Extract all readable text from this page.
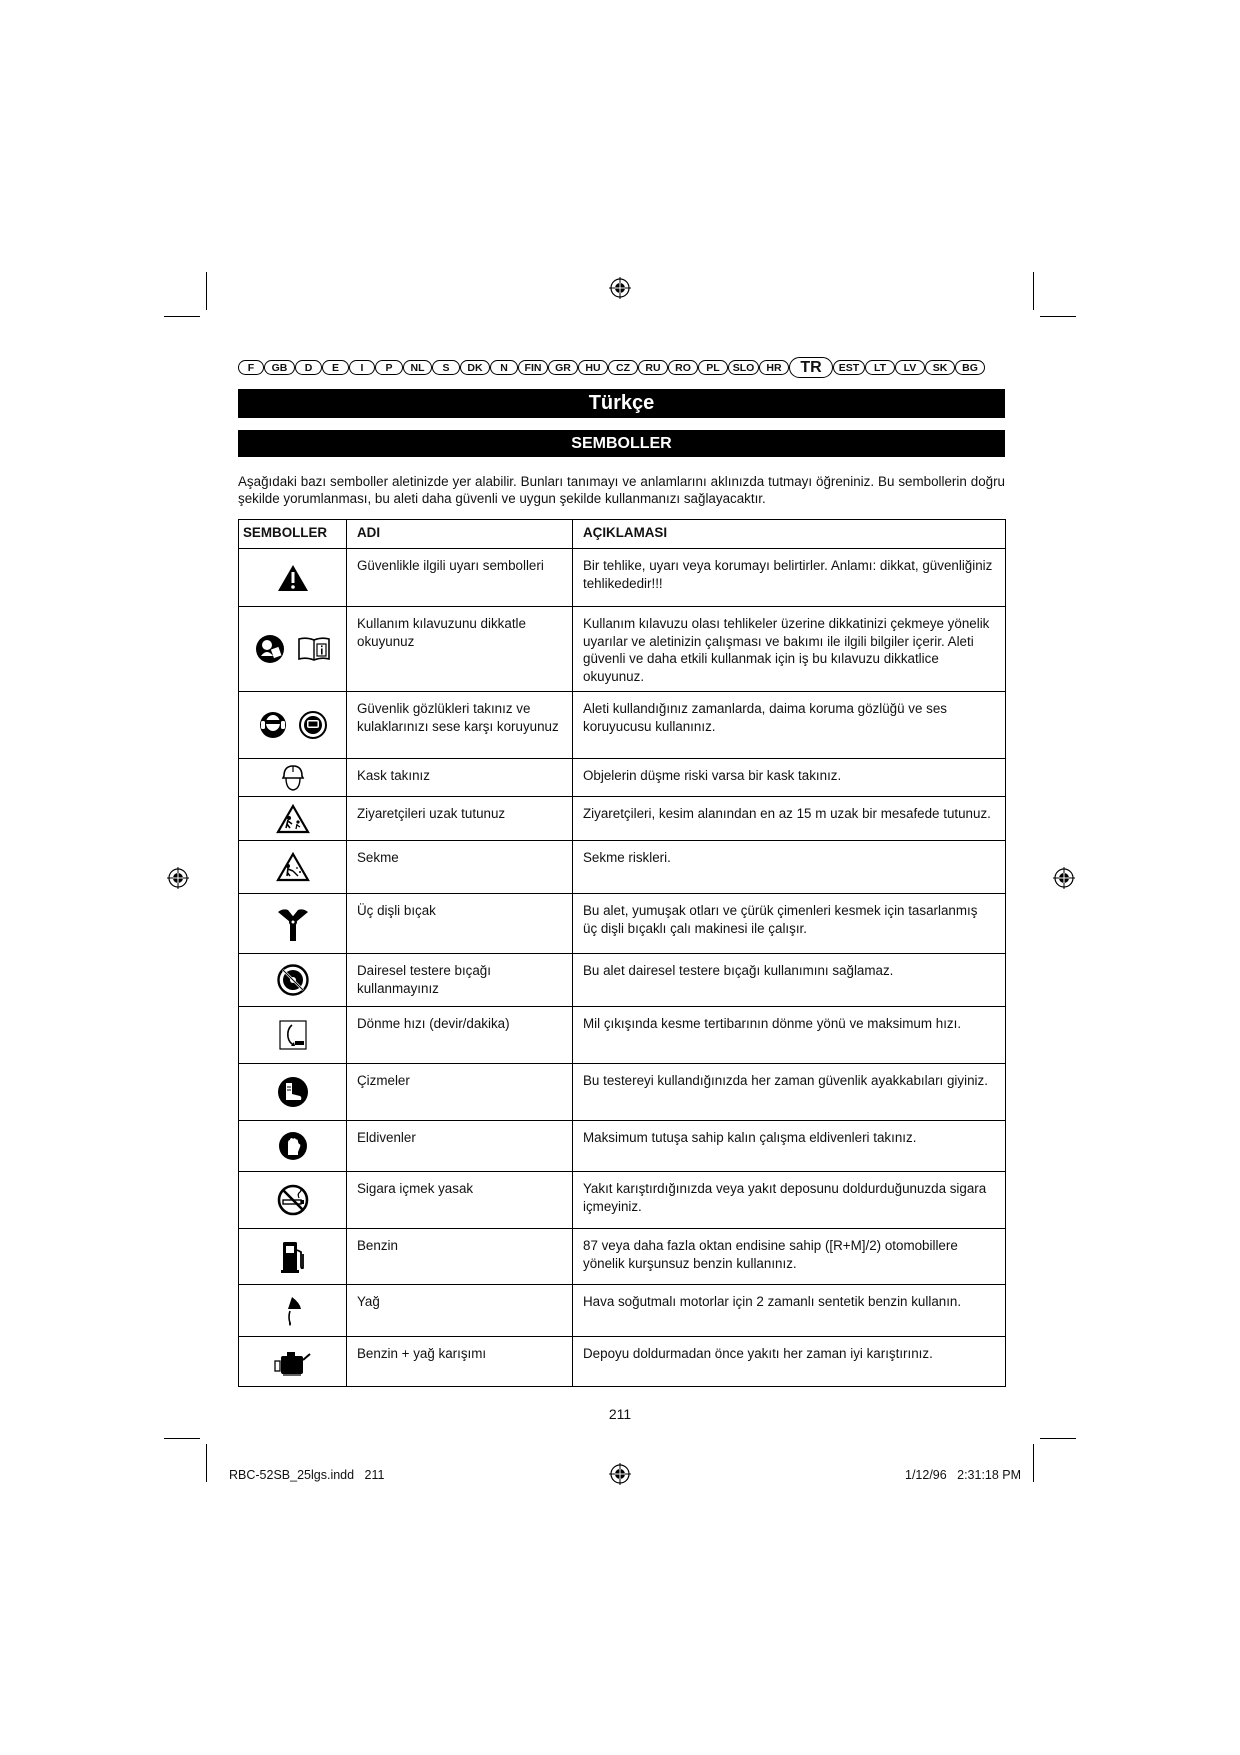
F	GB	D	E	I	P	NL	S	DK	N	FIN	GR	HU	CZ	RU	RO	PL	SLO	HR	TR	EST	LT	LV	SK	BG
Türkçe
SEMBOLLER
Aşağıdaki bazı semboller aletinizde yer alabilir. Bunları tanımayı ve anlamlarını aklınızda tutmayı öğreniniz. Bu sembollerin doğru şekilde yorumlanması, bu aleti daha güvenli ve uygun şekilde kullanmanızı sağlayacaktır.
SEMBOLLER	ADI	AÇIKLAMASI

	Güvenlikle ilgili uyarı sembolleri	Bir tehlike, uyarı veya korumayı belirtirler. Anlamı: dikkat, güvenliğiniz tehlikededir!!!

	Kullanım kılavuzunu dikkatle okuyunuz	Kullanım kılavuzu olası tehlikeler üzerine dikkatinizi çekmeye yönelik uyarılar ve aletinizin çalışması ve bakımı ile ilgili bilgiler içerir. Aleti güvenli ve daha etkili kullanmak için iş bu kılavuzu dikkatlice okuyunuz.

	Güvenlik gözlükleri takınız ve kulaklarınızı sese karşı koruyunuz	Aleti kullandığınız zamanlarda, daima koruma gözlüğü ve ses koruyucusu kullanınız.

	Kask takınız	Objelerin düşme riski varsa bir kask takınız.

	Ziyaretçileri uzak tutunuz	Ziyaretçileri, kesim alanından en az 15 m uzak bir mesafede tutunuz.

	Sekme	Sekme riskleri.

	Üç dişli bıçak	Bu alet, yumuşak otları ve çürük çimenleri kesmek için tasarlanmış üç dişli bıçaklı çalı makinesi ile çalışır.

	Dairesel testere bıçağı kullanmayınız	Bu alet dairesel testere bıçağı kullanımını sağlamaz.

	Dönme hızı (devir/dakika)	Mil çıkışında kesme tertibarının dönme yönü ve maksimum hızı.

	Çizmeler	Bu testereyi kullandığınızda her zaman güvenlik ayakkabıları giyiniz.

	Eldivenler	Maksimum tutuşa sahip kalın çalışma eldivenleri takınız.

	Sigara içmek yasak	Yakıt karıştırdığınızda veya yakıt deposunu doldurduğunuzda sigara içmeyiniz.

	Benzin	87 veya daha fazla oktan endisine sahip ([R+M]/2) otomobillere yönelik kurşunsuz benzin kullanınız.

	Yağ	Hava soğutmalı motorlar için 2 zamanlı sentetik benzin kullanın.

	Benzin + yağ karışımı	Depoyu doldurmadan önce yakıtı her zaman iyi karıştırınız.
211
RBC-52SB_25lgs.indd   211	1/12/96   2:31:18 PM
